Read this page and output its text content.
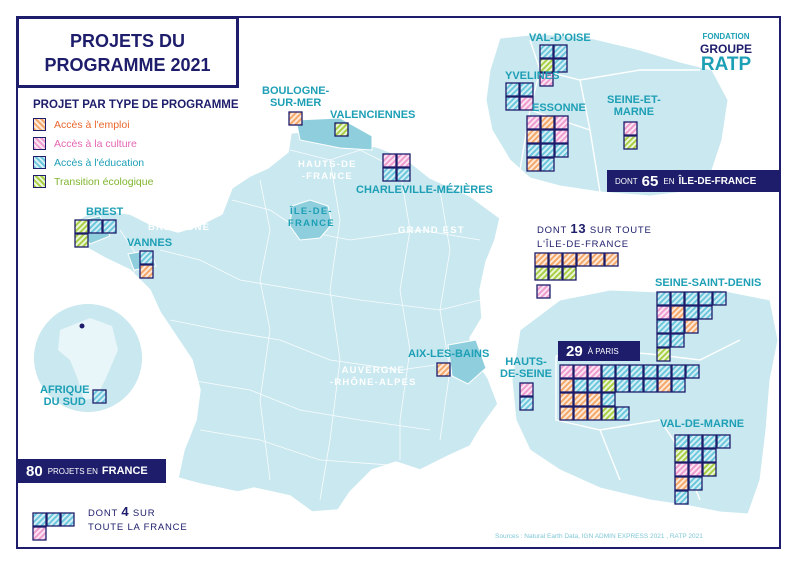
PROJETS DU
PROGRAMME 2021
PROJET PAR TYPE DE PROGRAMME
Accès à l'emploi
Accès à la culture
Accès à l'éducation
Transition écologique
FONDATION
GROUPE
RATP
BOULOGNE-
SUR-MER
VALENCIENNES
CHARLEVILLE-MÉZIÈRES
BREST
VANNES
AIX-LES-BAINS
AFRIQUE
DU SUD
VAL-D'OISE
YVELINES
ESSONNE
SEINE-ET-
MARNE
SEINE-SAINT-DENIS
HAUTS-
DE-SEINE
VAL-DE-MARNE
HAUTS-DE
-FRANCE
ÎLE-DE-
FRANCE
BRETAGNE	GRAND EST
AUVERGNE
-RHÔNE-ALPES
80 PROJETS EN FRANCE
DONT 65 EN ÎLE-DE-FRANCE
29 À PARIS
DONT 13 SUR TOUTE
L'ÎLE-DE-FRANCE
DONT 4 SUR
TOUTE LA FRANCE
Sources : Natural Earth Data, IGN ADMIN EXPRESS 2021 , RATP 2021
